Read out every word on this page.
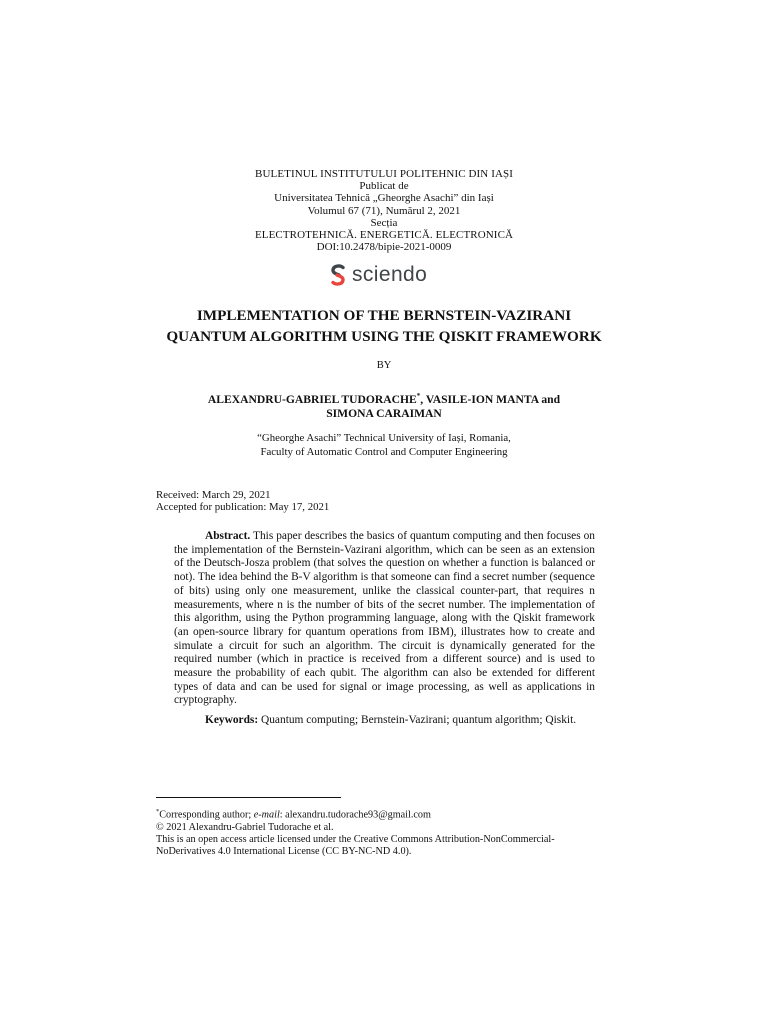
BULETINUL INSTITUTULUI POLITEHNIC DIN IAȘI
Publicat de
Universitatea Tehnică „Gheorghe Asachi” din Iași
Volumul 67 (71), Numărul 2, 2021
Secția
ELECTROTEHNICĂ. ENERGETICĂ. ELECTRONICĂ
DOI:10.2478/bipie-2021-0009
sciendo
IMPLEMENTATION OF THE BERNSTEIN-VAZIRANI
QUANTUM ALGORITHM USING THE QISKIT FRAMEWORK
BY
ALEXANDRU-GABRIEL TUDORACHE*, VASILE-ION MANTA and
SIMONA CARAIMAN
“Gheorghe Asachi” Technical University of Iași, Romania,
Faculty of Automatic Control and Computer Engineering
Received: March 29, 2021
Accepted for publication: May 17, 2021

Abstract. This paper describes the basics of quantum computing and then focuses on the implementation of the Bernstein-Vazirani algorithm, which can be seen as an extension of the Deutsch-Josza problem (that solves the question on whether a function is balanced or not). The idea behind the B-V algorithm is that someone can find a secret number (sequence of bits) using only one measurement, unlike the classical counter-part, that requires n measurements, where n is the number of bits of the secret number. The implementation of this algorithm, using the Python programming language, along with the Qiskit framework (an open-source library for quantum operations from IBM), illustrates how to create and simulate a circuit for such an algorithm. The circuit is dynamically generated for the required number (which in practice is received from a different source) and is used to measure the probability of each qubit. The algorithm can also be extended for different types of data and can be used for signal or image processing, as well as applications in cryptography.

Keywords: Quantum computing; Bernstein-Vazirani; quantum algorithm; Qiskit.

*Corresponding author; e-mail: alexandru.tudorache93@gmail.com
© 2021 Alexandru-Gabriel Tudorache et al.
This is an open access article licensed under the Creative Commons Attribution-NonCommercial-
NoDerivatives 4.0 International License (CC BY-NC-ND 4.0).
